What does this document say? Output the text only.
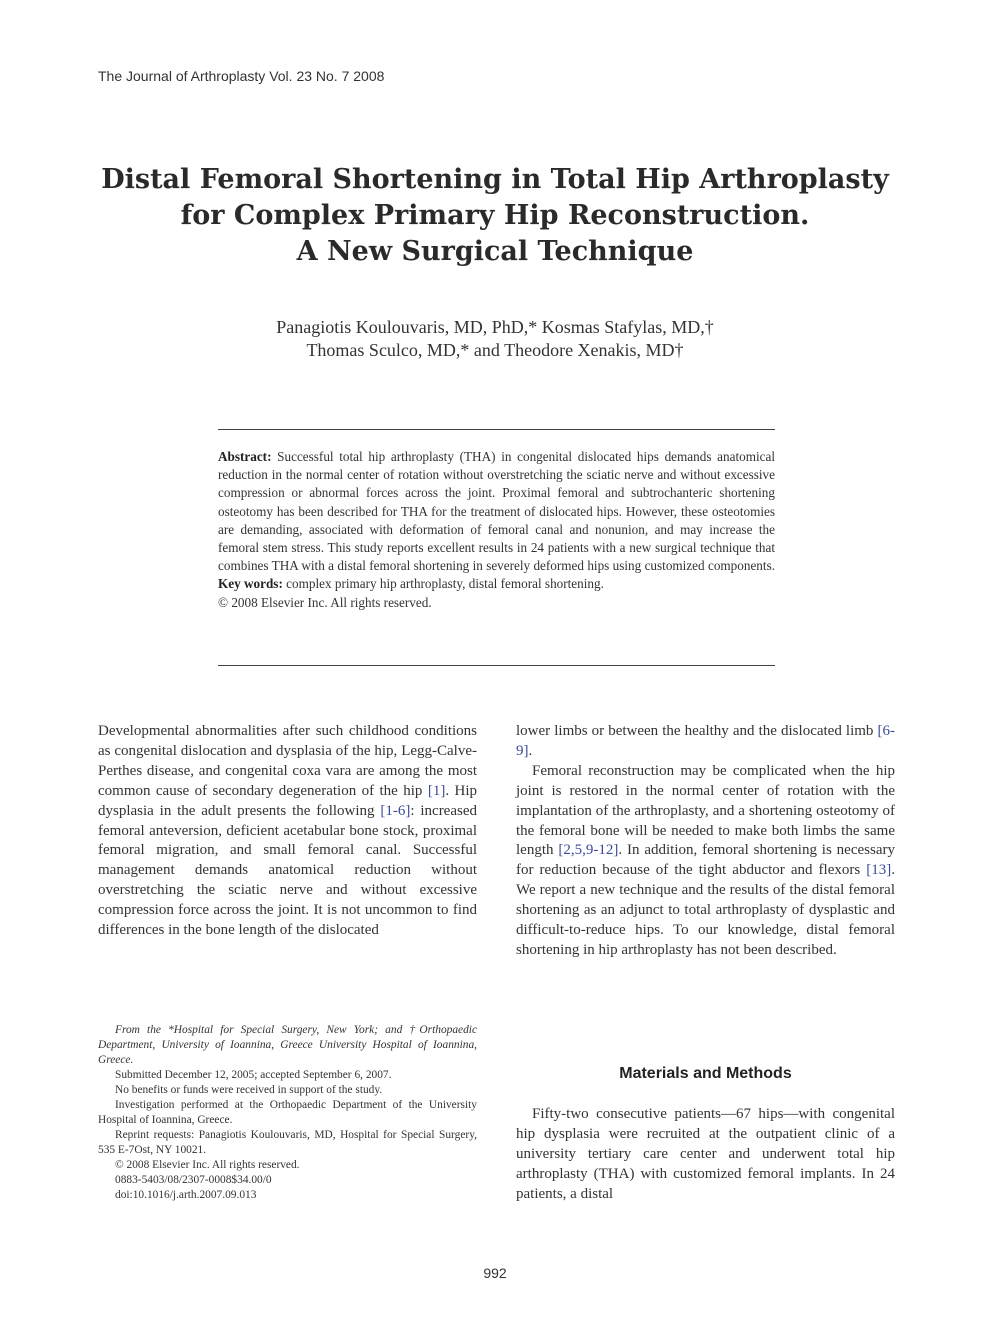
The Journal of Arthroplasty Vol. 23 No. 7 2008
Distal Femoral Shortening in Total Hip Arthroplasty
for Complex Primary Hip Reconstruction.
A New Surgical Technique
Panagiotis Koulouvaris, MD, PhD,* Kosmas Stafylas, MD,†
Thomas Sculco, MD,* and Theodore Xenakis, MD†

Abstract: Successful total hip arthroplasty (THA) in congenital dislocated hips demands anatomical reduction in the normal center of rotation without overstretching the sciatic nerve and without excessive compression or abnormal forces across the joint. Proximal femoral and subtrochanteric shortening osteotomy has been described for THA for the treatment of dislocated hips. However, these osteotomies are demanding, associated with deformation of femoral canal and nonunion, and may increase the femoral stem stress. This study reports excellent results in 24 patients with a new surgical technique that combines THA with a distal femoral shortening in severely deformed hips using customized components. Key words: complex primary hip arthroplasty, distal femoral shortening.

© 2008 Elsevier Inc. All rights reserved.

Developmental abnormalities after such childhood conditions as congenital dislocation and dysplasia of the hip, Legg-Calve-Perthes disease, and congenital coxa vara are among the most common cause of secondary degeneration of the hip [1]. Hip dysplasia in the adult presents the following [1-6]: increased femoral anteversion, deficient acetabular bone stock, proximal femoral migration, and small femoral canal. Successful management demands anatomical reduction without overstretching the sciatic nerve and without excessive compression force across the joint. It is not uncommon to find differences in the bone length of the dislocated

From the *Hospital for Special Surgery, New York; and †Orthopaedic Department, University of Ioannina, Greece University Hospital of Ioannina, Greece.

Submitted December 12, 2005; accepted September 6, 2007.

No benefits or funds were received in support of the study.

Investigation performed at the Orthopaedic Department of the University Hospital of Ioannina, Greece.

Reprint requests: Panagiotis Koulouvaris, MD, Hospital for Special Surgery, 535 E-7Ost, NY 10021.

© 2008 Elsevier Inc. All rights reserved.

0883-5403/08/2307-0008$34.00/0

doi:10.1016/j.arth.2007.09.013

lower limbs or between the healthy and the dislocated limb [6-9].

Femoral reconstruction may be complicated when the hip joint is restored in the normal center of rotation with the implantation of the arthroplasty, and a shortening osteotomy of the femoral bone will be needed to make both limbs the same length [2,5,9-12]. In addition, femoral shortening is necessary for reduction because of the tight abductor and flexors [13]. We report a new technique and the results of the distal femoral shortening as an adjunct to total arthroplasty of dysplastic and difficult-to-reduce hips. To our knowledge, distal femoral shortening in hip arthroplasty has not been described.

Materials and Methods

Fifty-two consecutive patients—67 hips—with congenital hip dysplasia were recruited at the outpatient clinic of a university tertiary care center and underwent total hip arthroplasty (THA) with customized femoral implants. In 24 patients, a distal

992
